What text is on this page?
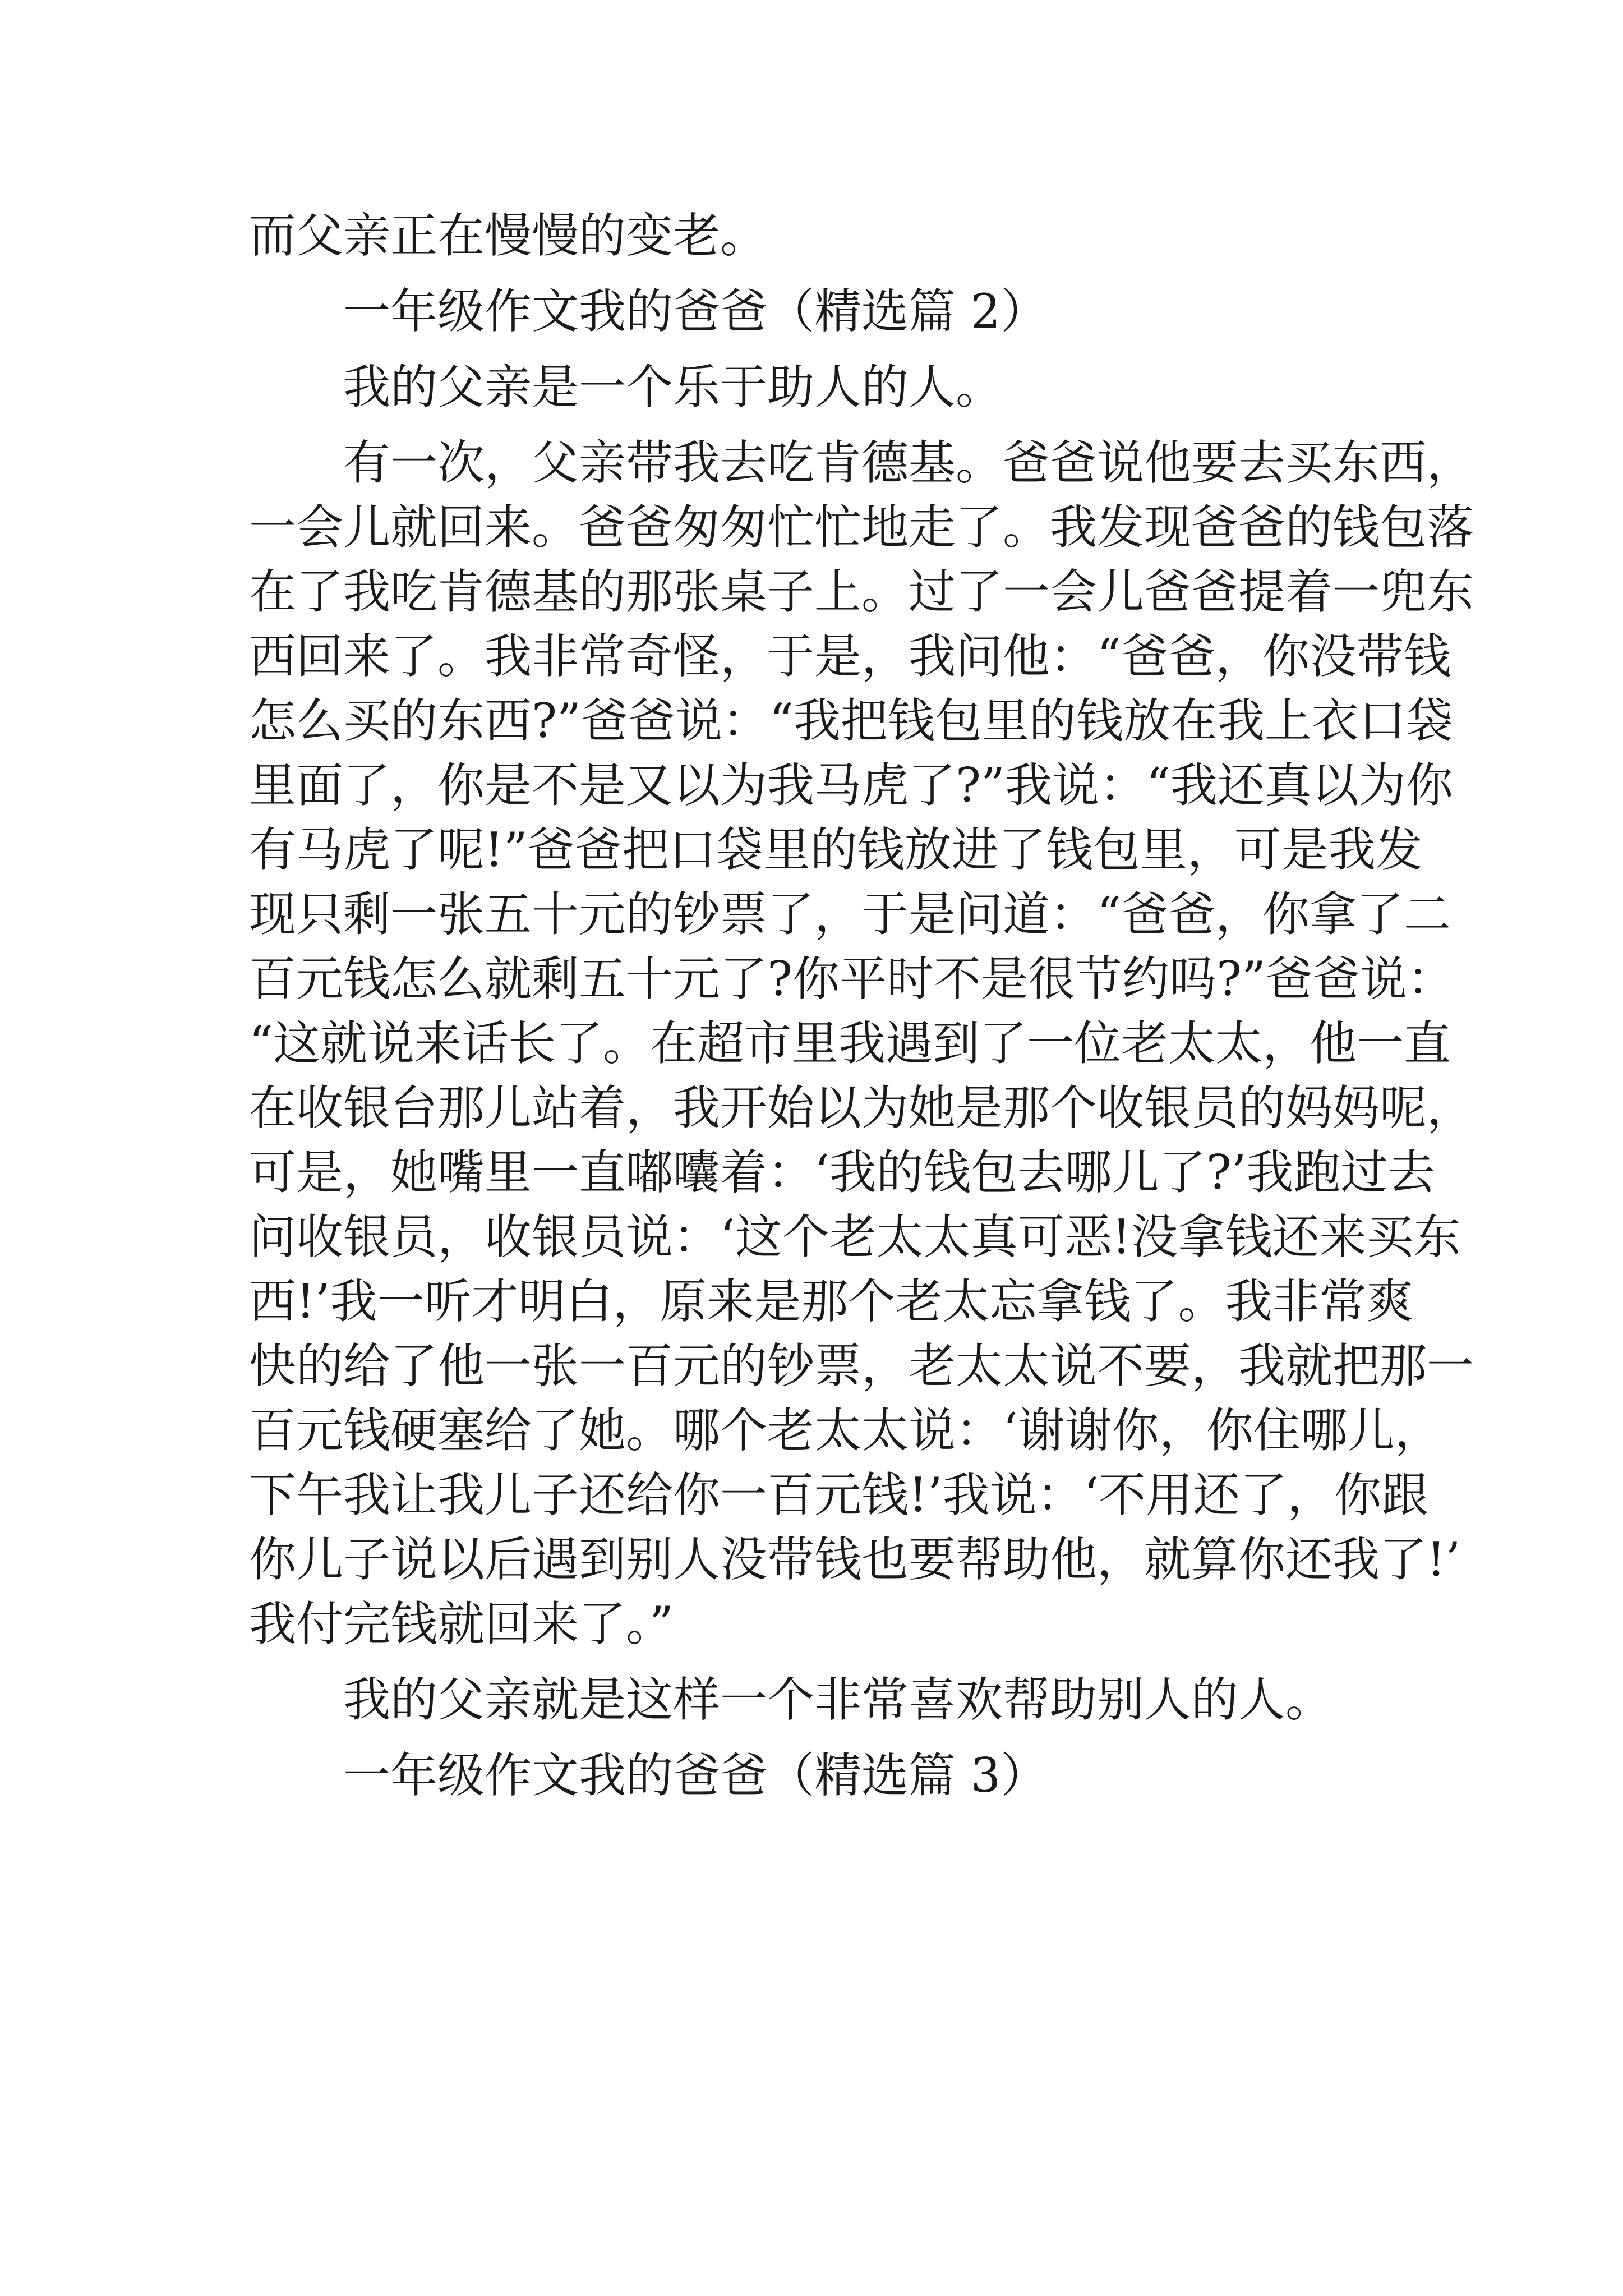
而父亲正在慢慢的变老。
一年级作文我的爸爸（精选篇 2）
我的父亲是一个乐于助人的人。
有一次，父亲带我去吃肯德基。爸爸说他要去买东西，
一会儿就回来。爸爸匆匆忙忙地走了。我发现爸爸的钱包落
在了我吃肯德基的那张桌子上。过了一会儿爸爸提着一兜东
西回来了。我非常奇怪，于是，我问他：“爸爸，你没带钱
怎么买的东西?”爸爸说：“我把钱包里的钱放在我上衣口袋
里面了，你是不是又以为我马虎了?”我说：“我还真以为你
有马虎了呢!”爸爸把口袋里的钱放进了钱包里，可是我发
现只剩一张五十元的钞票了，于是问道：“爸爸，你拿了二
百元钱怎么就剩五十元了?你平时不是很节约吗?”爸爸说：
“这就说来话长了。在超市里我遇到了一位老太太，他一直
在收银台那儿站着，我开始以为她是那个收银员的妈妈呢，
可是，她嘴里一直嘟囔着：‘我的钱包去哪儿了?’我跑过去
问收银员，收银员说：‘这个老太太真可恶!没拿钱还来买东
西!’我一听才明白，原来是那个老太忘拿钱了。我非常爽
快的给了他一张一百元的钞票，老太太说不要，我就把那一
百元钱硬塞给了她。哪个老太太说：‘谢谢你，你住哪儿，
下午我让我儿子还给你一百元钱!’我说：‘不用还了，你跟
你儿子说以后遇到别人没带钱也要帮助他，就算你还我了!’
我付完钱就回来了。”
我的父亲就是这样一个非常喜欢帮助别人的人。
一年级作文我的爸爸（精选篇 3）
